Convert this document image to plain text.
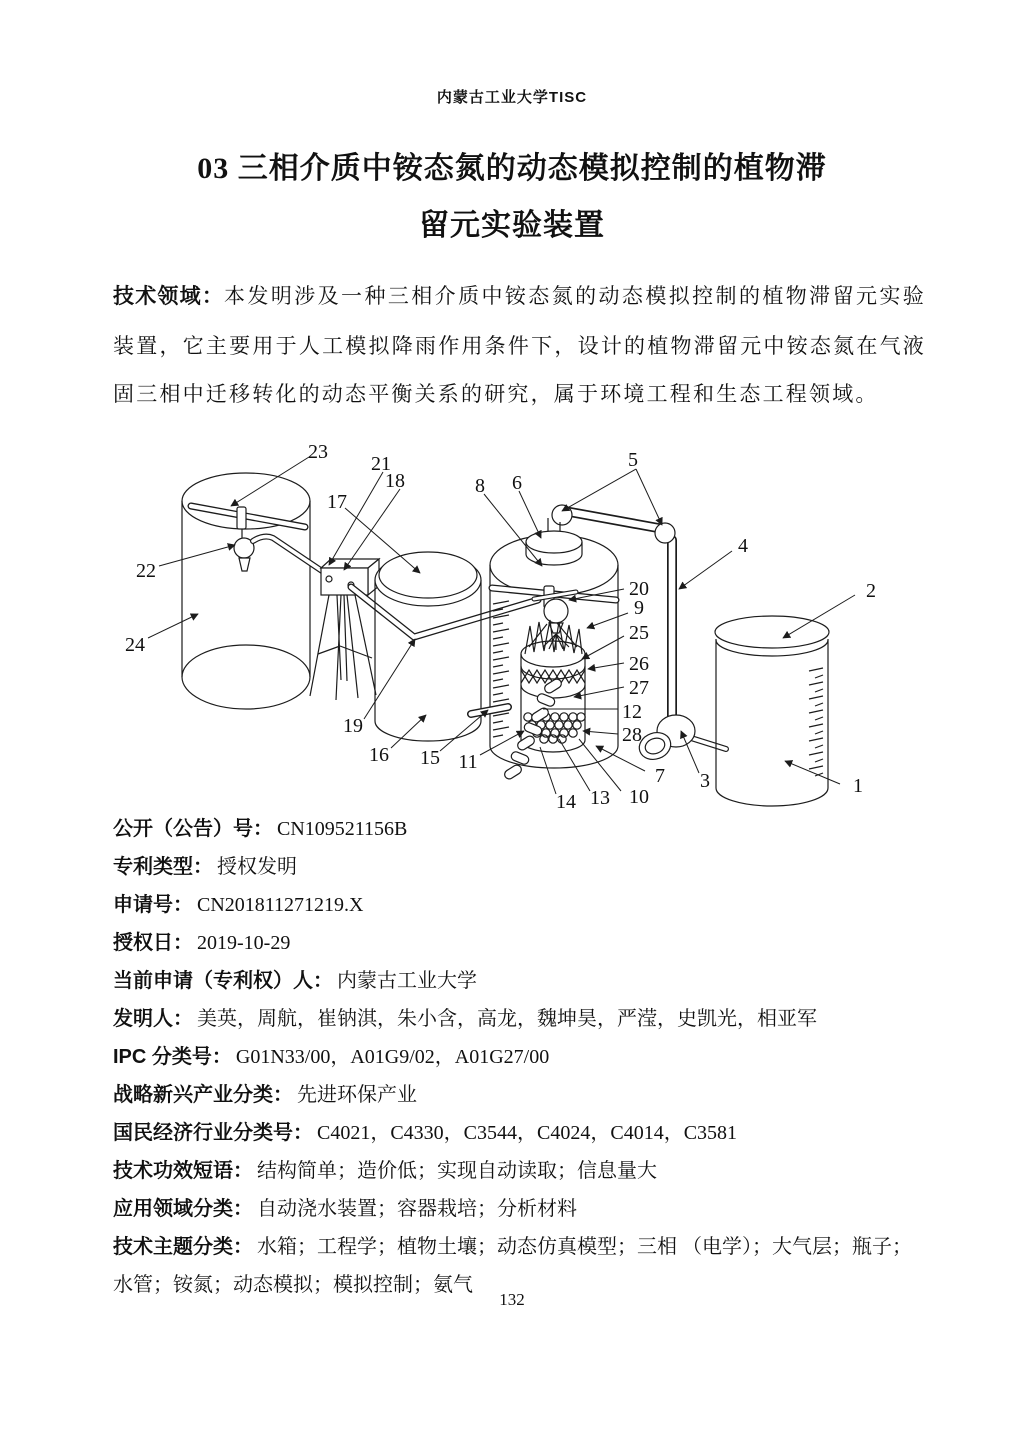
内蒙古工业大学TISC
03 三相介质中铵态氮的动态模拟控制的植物滞
留元实验装置
技术领域：本发明涉及一种三相介质中铵态氮的动态模拟控制的植物滞留元实验装置，它主要用于人工模拟降雨作用条件下，设计的植物滞留元中铵态氮在气液固三相中迁移转化的动态平衡关系的研究，属于环境工程和生态工程领域。
1
2
3
4
5
6
7
8
9
10
11
12
13
14
15
16
17
18
19
20
21
22
23
24
25
26
27
28
公开（公告）号： CN109521156B
专利类型： 授权发明
申请号： CN201811271219.X
授权日： 2019-10-29
当前申请（专利权）人： 内蒙古工业大学
发明人： 美英，周航，崔钠淇，朱小含，高龙，魏坤昊，严滢，史凯光，相亚军
IPC 分类号： G01N33/00，A01G9/02，A01G27/00
战略新兴产业分类： 先进环保产业
国民经济行业分类号： C4021，C4330，C3544，C4024，C4014，C3581
技术功效短语： 结构简单；造价低；实现自动读取；信息量大
应用领域分类： 自动浇水装置；容器栽培；分析材料
技术主题分类： 水箱；工程学；植物土壤；动态仿真模型；三相 （电学）；大气层；瓶子；水管；铵氮；动态模拟；模拟控制；氨气
132
